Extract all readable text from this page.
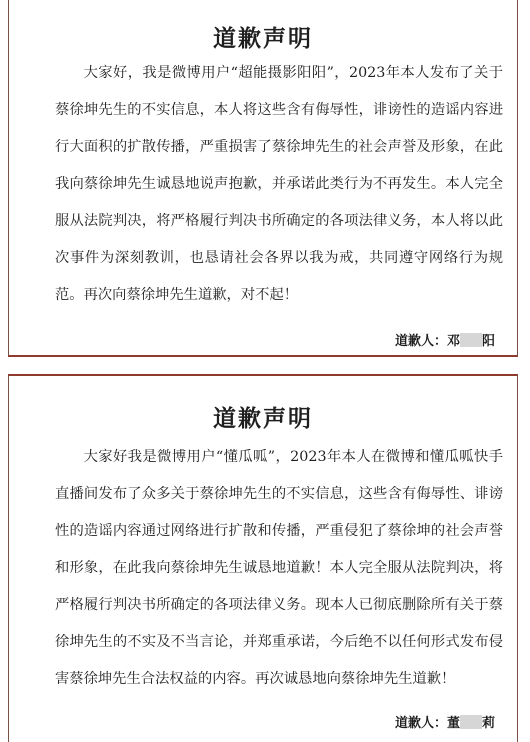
道歉声明

大家好，我是微博用户“超能摄影阳阳”，2023年本人发布了关于蔡徐坤先生的不实信息，本人将这些含有侮辱性，诽谤性的造谣内容进行大面积的扩散传播，严重损害了蔡徐坤先生的社会声誉及形象，在此我向蔡徐坤先生诚恳地说声抱歉，并承诺此类行为不再发生。本人完全服从法院判决，将严格履行判决书所确定的各项法律义务，本人将以此次事件为深刻教训，也恳请社会各界以我为戒，共同遵守网络行为规范。再次向蔡徐坤先生道歉，对不起！

道歉人：邓 阳
道歉声明

大家好我是微博用户“懂瓜呱”，2023年本人在微博和懂瓜呱快手直播间发布了众多关于蔡徐坤先生的不实信息，这些含有侮辱性、诽谤性的造谣内容通过网络进行扩散和传播，严重侵犯了蔡徐坤的社会声誉和形象，在此我向蔡徐坤先生诚恳地道歉！本人完全服从法院判决，将严格履行判决书所确定的各项法律义务。现本人已彻底删除所有关于蔡徐坤先生的不实及不当言论，并郑重承诺，今后绝不以任何形式发布侵害蔡徐坤先生合法权益的内容。再次诚恳地向蔡徐坤先生道歉！

道歉人：董 莉
